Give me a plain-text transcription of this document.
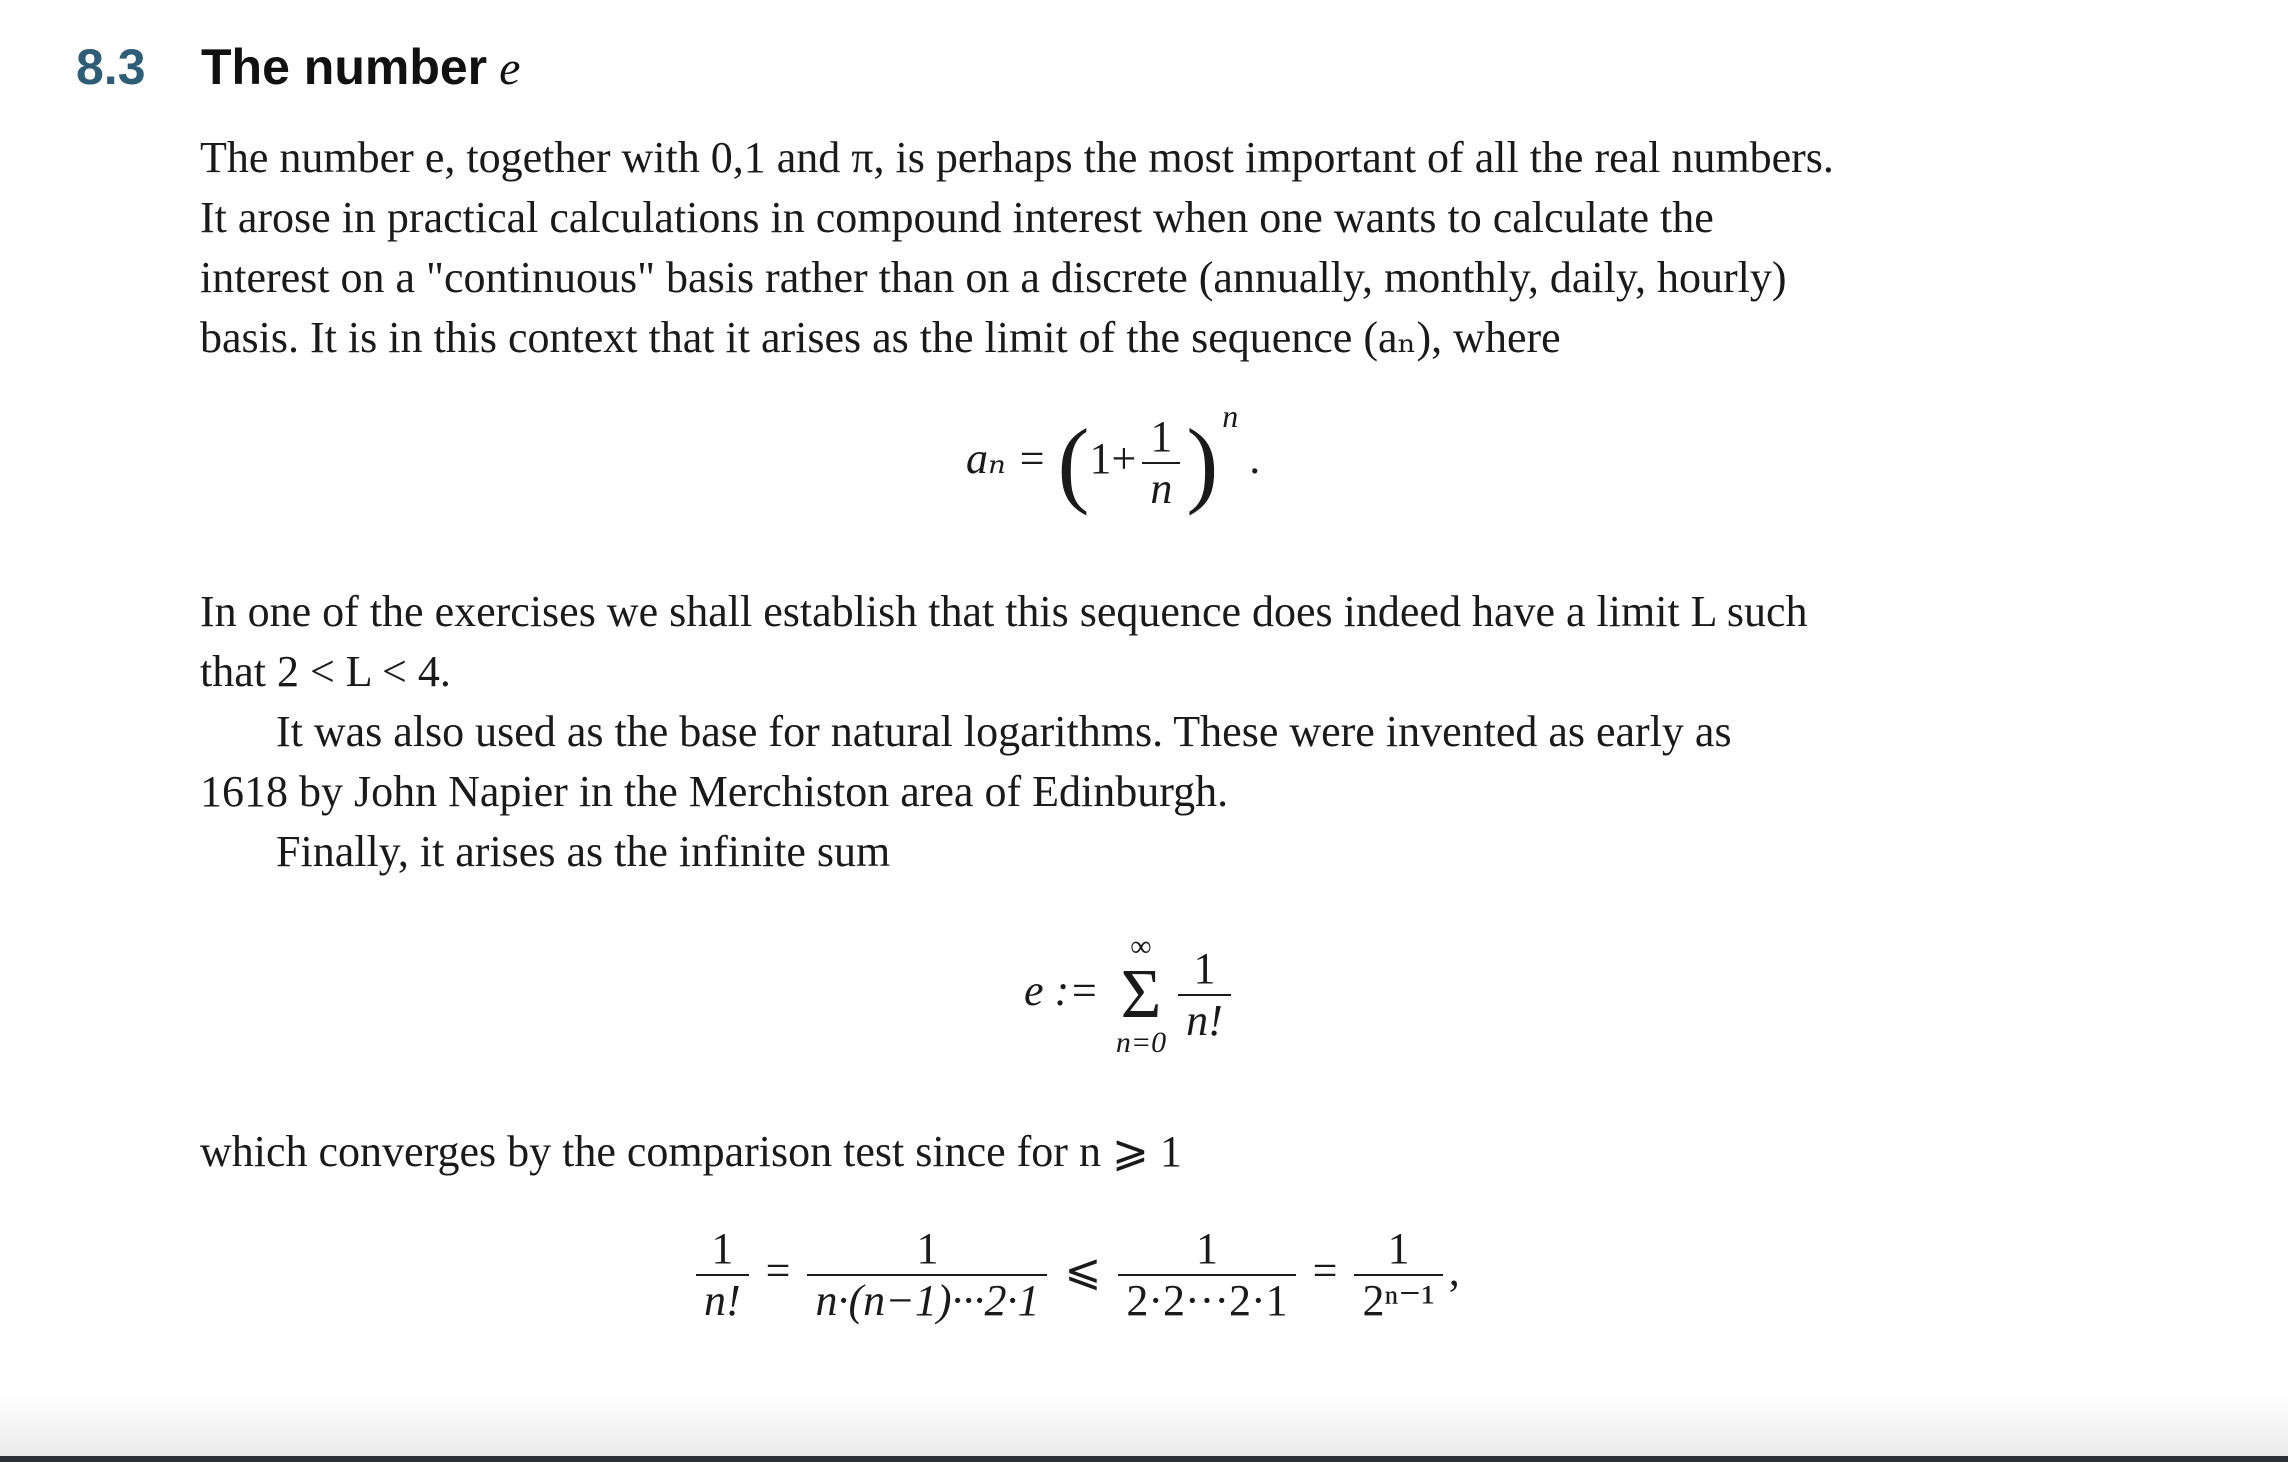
8.3	The number e

The number e, together with 0,1 and π, is perhaps the most important of all the real numbers.
It arose in practical calculations in compound interest when one wants to calculate the
interest on a "continuous" basis rather than on a discrete (annually, monthly, daily, hourly)
basis. It is in this context that it arises as the limit of the sequence (aₙ), where

$a_n = (1+ \frac{1}{n}$ ) $^n$ .

In one of the exercises we shall establish that this sequence does indeed have a limit L such
that 2 < L < 4.

It was also used as the base for natural logarithms. These were invented as early as
1618 by John Napier in the Merchiston area of Edinburgh.

Finally, it arises as the infinite sum

e :=
∞
Σ
$n=0 \frac{1}{n!}$

which converges by the comparison test since for n ⩾ 1

$\frac{1}{n!} = \frac{1}{n\cdot(n-1)\cdot\cdot\cdot 2\cdot 1}$ ⩽ $\frac{1}{2\cdot 2\cdot\cdot\cdot 2\cdot 1} = \frac{1}{\text{2ⁿ⁻¹}}$ ,
